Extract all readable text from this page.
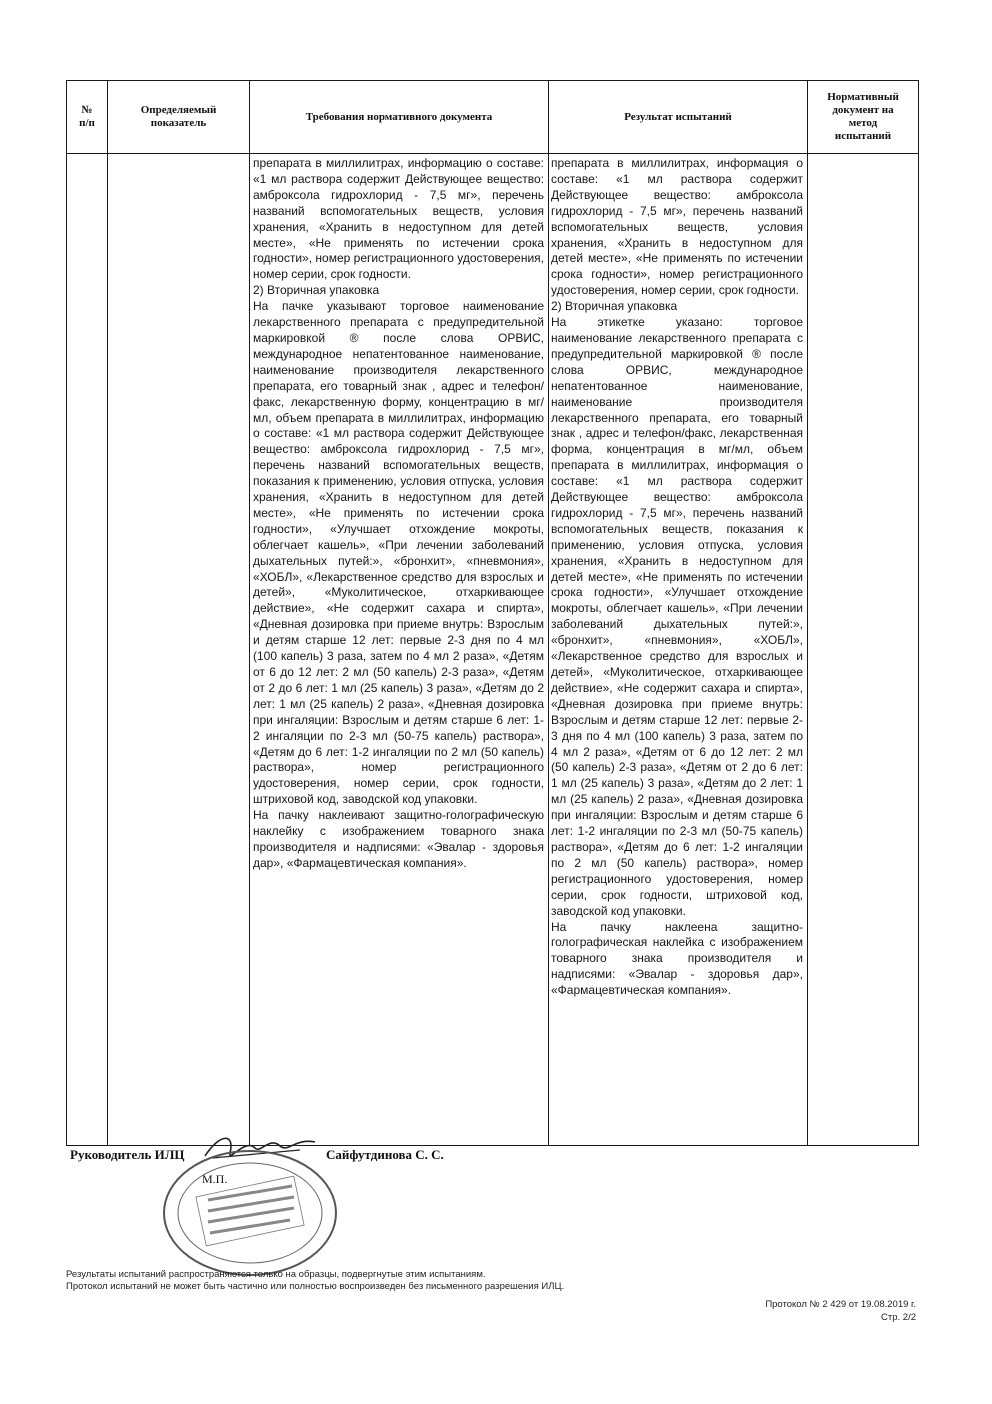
№
п/п
Определяемый
показатель
Требования нормативного документа	Результат испытаний
Нормативный
документ на
метод
испытаний
препарата в миллилитрах, информацию о составе: «1 мл раствора содержит Действующее вещество: амброксола гидрохлорид - 7,5 мг», перечень названий вспомогательных веществ, условия хранения, «Хранить в недоступном для детей месте», «Не применять по истечении срока годности», номер регистрационного удостоверения, номер серии, срок годности.
2) Вторичная упаковка
На пачке указывают торговое наименование лекарственного препарата с предупредительной маркировкой ® после слова ОРВИС, международное непатентованное наименование, наименование производителя лекарственного препарата, его товарный знак , адрес и телефон/факс, лекарственную форму, концентрацию в мг/мл, объем препарата в миллилитрах, информацию о составе: «1 мл раствора содержит Действующее вещество: амброксола гидрохлорид - 7,5 мг», перечень названий вспомогательных веществ, показания к применению, условия отпуска, условия хранения, «Хранить в недоступном для детей месте», «Не применять по истечении срока годности», «Улучшает отхождение мокроты, облегчает кашель», «При лечении заболеваний дыхательных путей:», «бронхит», «пневмония», «ХОБЛ», «Лекарственное средство для взрослых и детей», «Муколитическое, отхаркивающее действие», «Не содержит сахара и спирта», «Дневная дозировка при приеме внутрь: Взрослым и детям старше 12 лет: первые 2-3 дня по 4 мл (100 капель) 3 раза, затем по 4 мл 2 раза», «Детям от 6 до 12 лет: 2 мл (50 капель) 2-3 раза», «Детям от 2 до 6 лет: 1 мл (25 капель) 3 раза», «Детям до 2 лет: 1 мл (25 капель) 2 раза», «Дневная дозировка при ингаляции: Взрослым и детям старше 6 лет: 1-2 ингаляции по 2-3 мл (50-75 капель) раствора», «Детям до 6 лет: 1-2 ингаляции по 2 мл (50 капель) раствора», номер регистрационного удостоверения, номер серии, срок годности, штриховой код, заводской код упаковки.
На пачку наклеивают защитно-голографическую наклейку с изображением товарного знака производителя и надписями: «Эвалар - здоровья дар», «Фармацевтическая компания».
препарата в миллилитрах, информация о составе: «1 мл раствора содержит Действующее вещество: амброксола гидрохлорид - 7,5 мг», перечень названий вспомогательных веществ, условия хранения, «Хранить в недоступном для детей месте», «Не применять по истечении срока годности», номер регистрационного удостоверения, номер серии, срок годности.
2) Вторичная упаковка
На этикетке указано: торговое наименование лекарственного препарата с предупредительной маркировкой ® после слова ОРВИС, международное непатентованное наименование, наименование производителя лекарственного препарата, его товарный знак , адрес и телефон/факс, лекарственная форма, концентрация в мг/мл, объем препарата в миллилитрах, информация о составе: «1 мл раствора содержит Действующее вещество: амброксола гидрохлорид - 7,5 мг», перечень названий вспомогательных веществ, показания к применению, условия отпуска, условия хранения, «Хранить в недоступном для детей месте», «Не применять по истечении срока годности», «Улучшает отхождение мокроты, облегчает кашель», «При лечении заболеваний дыхательных путей:», «бронхит», «пневмония», «ХОБЛ», «Лекарственное средство для взрослых и детей», «Муколитическое, отхаркивающее действие», «Не содержит сахара и спирта», «Дневная дозировка при приеме внутрь: Взрослым и детям старше 12 лет: первые 2-3 дня по 4 мл (100 капель) 3 раза, затем по 4 мл 2 раза», «Детям от 6 до 12 лет: 2 мл (50 капель) 2-3 раза», «Детям от 2 до 6 лет: 1 мл (25 капель) 3 раза», «Детям до 2 лет: 1 мл (25 капель) 2 раза», «Дневная дозировка при ингаляции: Взрослым и детям старше 6 лет: 1-2 ингаляции по 2-3 мл (50-75 капель) раствора», «Детям до 6 лет: 1-2 ингаляции по 2 мл (50 капель) раствора», номер регистрационного удостоверения, номер серии, срок годности, штриховой код, заводской код упаковки.
На пачку наклеена защитно-голографическая наклейка с изображением товарного знака производителя и надписями: «Эвалар - здоровья дар», «Фармацевтическая компания».
Руководитель ИЛЦ	Сайфутдинова С. С.
М.П.
Результаты испытаний распространяются только на образцы, подвергнутые этим испытаниям.
Протокол испытаний не может быть частично или полностью воспроизведен без письменного разрешения ИЛЦ.
Протокол № 2 429 от 19.08.2019 г.
Стр. 2/2
